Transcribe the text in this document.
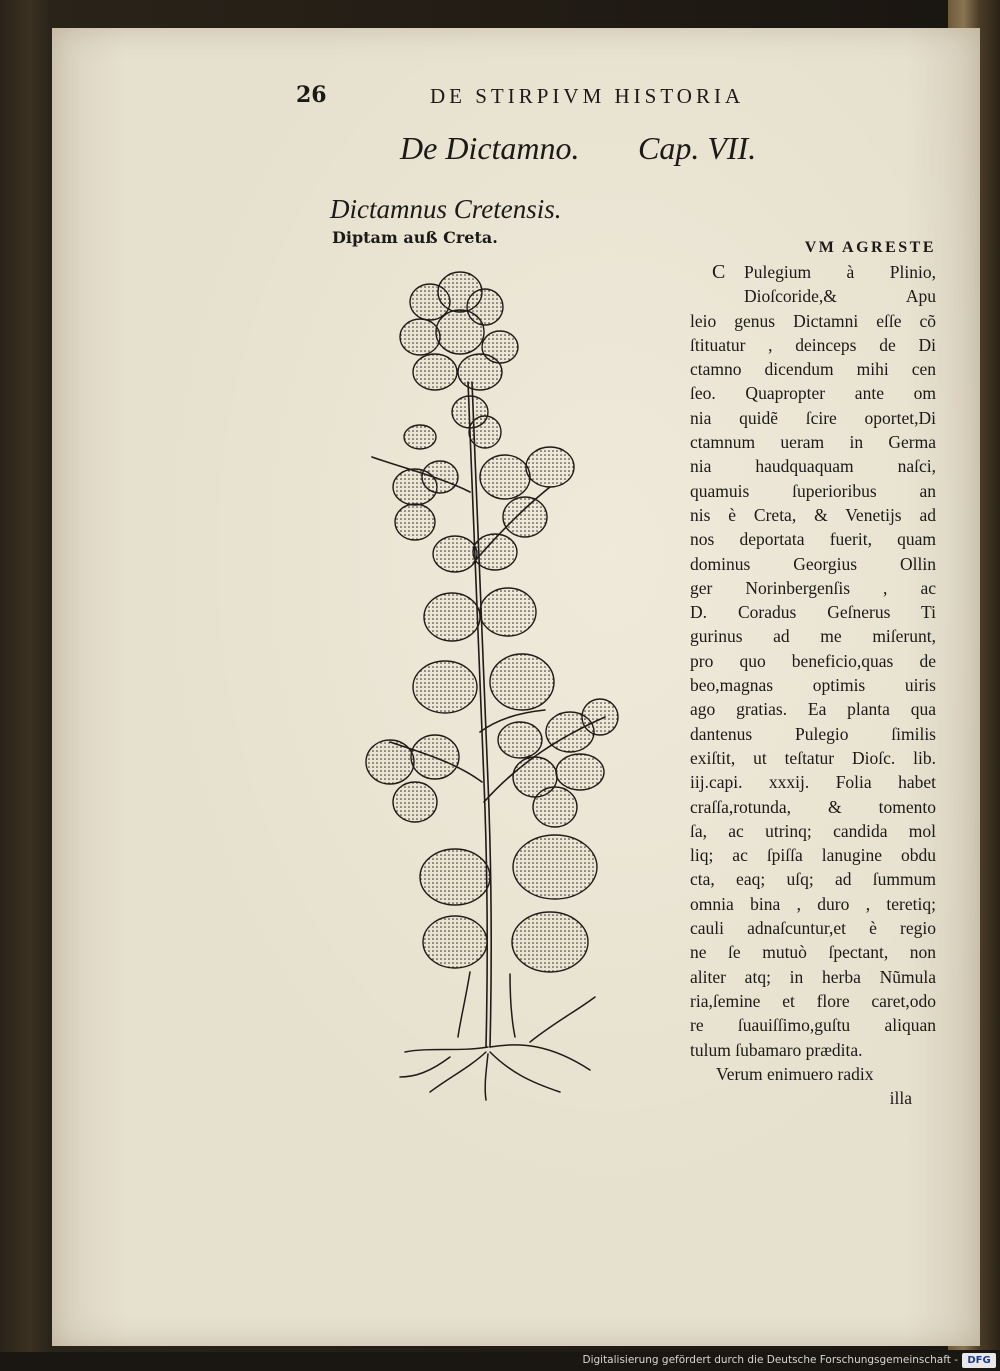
26	DE STIRPIVM HISTORIA
De Dictamno. Cap. VII.
Dictamnus Cretensis.
Diptam auß Creta.
VM AGRESTE
C	Pulegium à Plinio,
Dioſcoride,& Apu
leio genus Dictamni eſſe cõ
ſtituatur , deinceps de Di
ctamno dicendum mihi cen
ſeo. Quapropter ante om
nia quidẽ ſcire oportet,Di
ctamnum ueram in Germa
nia haudquaquam naſci,
quamuis ſuperioribus an
nis è Creta, & Venetijs ad
nos deportata fuerit, quam
dominus Georgius Ollin
ger Norinbergenſis , ac
D. Coradus Geſnerus Ti
gurinus ad me miſerunt,
pro quo beneficio,quas de
beo,magnas optimis uiris
ago gratias. Ea planta qua
dantenus Pulegio ſimilis
exiſtit, ut teſtatur Dioſc. lib.
iij.capi. xxxij. Folia habet
craſſa,rotunda, & tomento
ſa, ac utrinq; candida mol
liq; ac ſpiſſa lanugine obdu
cta, eaq; uſq; ad ſummum
omnia bina , duro , teretiq;
cauli adnaſcuntur,et è regio
ne ſe mutuò ſpectant, non
aliter atq; in herba Nũmula
ria,ſemine et flore caret,odo
re ſuauiſſimo,guſtu aliquan
tulum ſubamaro prædita.
Verum enimuero radix
illa
Digitalisierung gefördert durch die Deutsche Forschungsgemeinschaft - DFG
